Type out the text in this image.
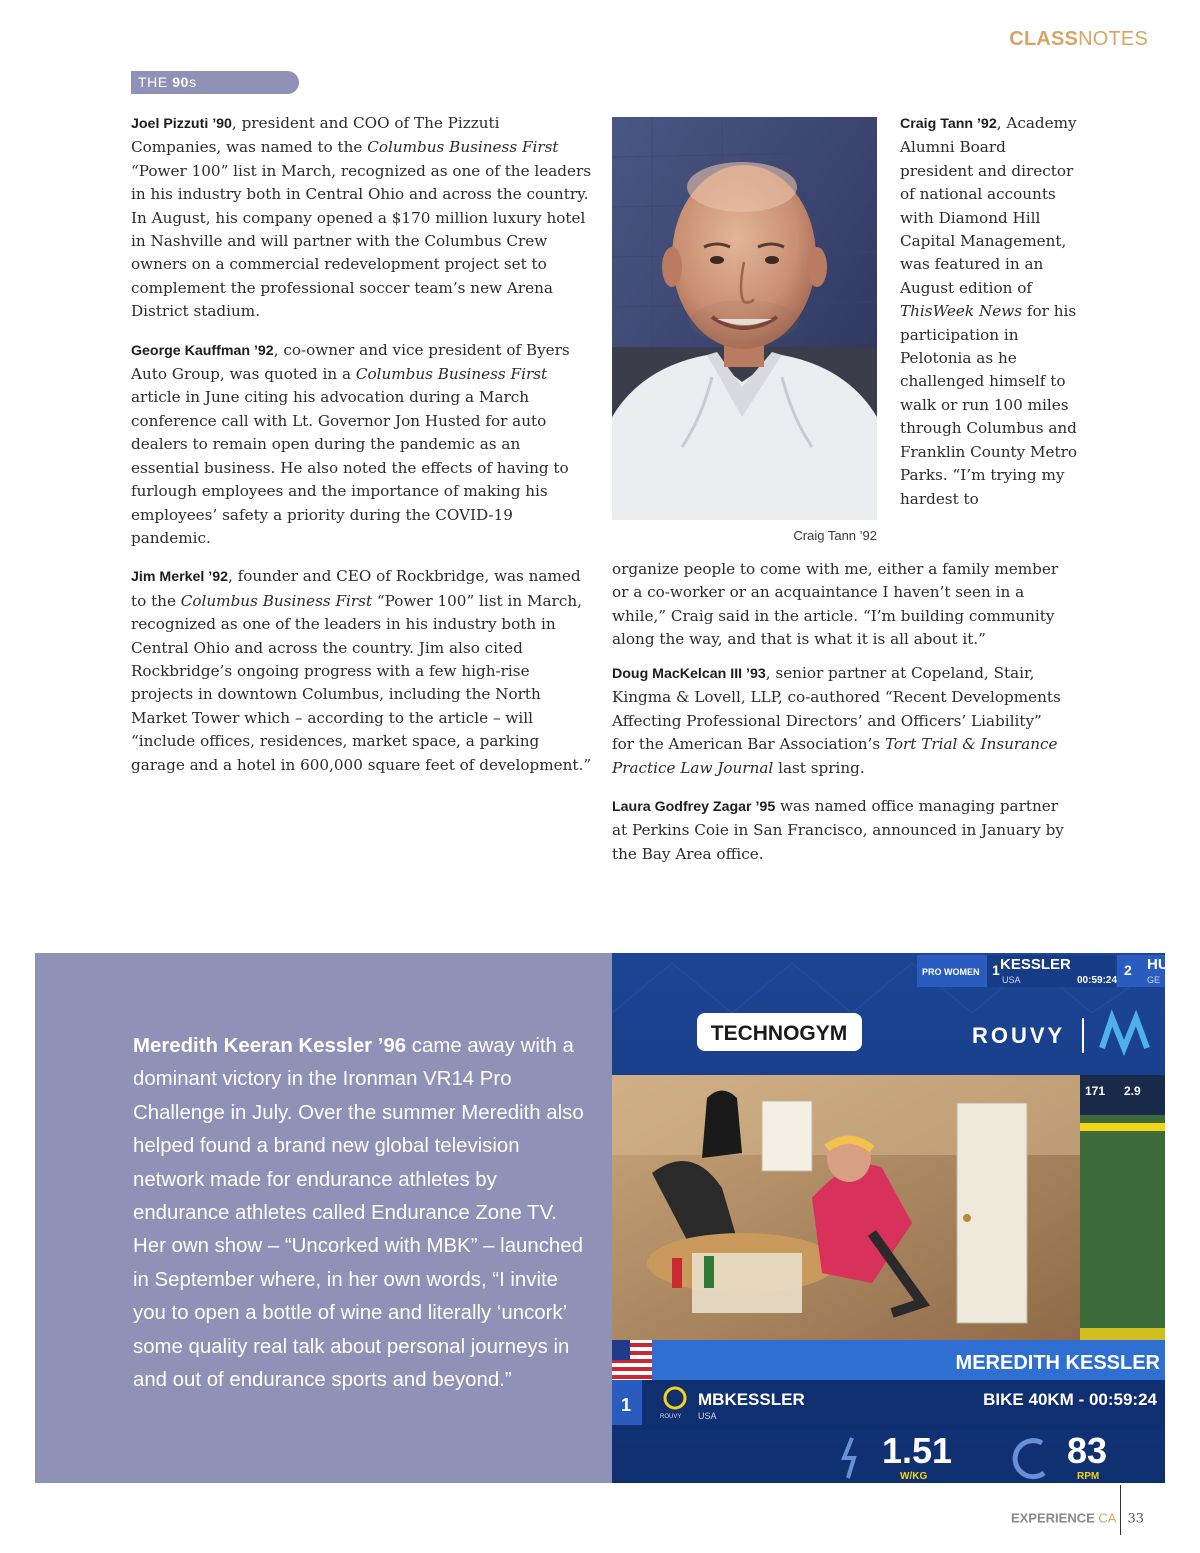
CLASSNOTES
THE 90s

Joel Pizzuti ’90, president and COO of The Pizzuti Companies, was named to the Columbus Business First “Power 100” list in March, recognized as one of the leaders in his industry both in Central Ohio and across the country. In August, his company opened a $170 million luxury hotel in Nashville and will partner with the Columbus Crew owners on a commercial redevelopment project set to complement the professional soccer team’s new Arena District stadium.

George Kauffman ’92, co-owner and vice president of Byers Auto Group, was quoted in a Columbus Business First article in June citing his advocation during a March conference call with Lt. Governor Jon Husted for auto dealers to remain open during the pandemic as an essential business. He also noted the effects of having to furlough employees and the importance of making his employees’ safety a priority during the COVID-19 pandemic.

Jim Merkel ’92, founder and CEO of Rockbridge, was named to the Columbus Business First “Power 100” list in March, recognized as one of the leaders in his industry both in Central Ohio and across the country. Jim also cited Rockbridge’s ongoing progress with a few high-rise projects in downtown Columbus, including the North Market Tower which – according to the article – will “include offices, residences, market space, a parking garage and a hotel in 600,000 square feet of development.”

Craig Tann ’92

Craig Tann ’92, Academy Alumni Board president and director of national accounts with Diamond Hill Capital Management, was featured in an August edition of ThisWeek News for his participation in Pelotonia as he challenged himself to walk or run 100 miles through Columbus and Franklin County Metro Parks. “I’m trying my hardest to

organize people to come with me, either a family member or a co-worker or an acquaintance I haven’t seen in a while,” Craig said in the article. “I’m building community along the way, and that is what it is all about it.”

Doug MacKelcan III ’93, senior partner at Copeland, Stair, Kingma & Lovell, LLP, co-authored “Recent Developments Affecting Professional Directors’ and Officers’ Liability” for the American Bar Association’s Tort Trial & Insurance Practice Law Journal last spring.

Laura Godfrey Zagar ’95 was named office managing partner at Perkins Coie in San Francisco, announced in January by the Bay Area office.

Meredith Keeran Kessler ’96 came away with a dominant victory in the Ironman VR14 Pro Challenge in July. Over the summer Meredith also helped found a brand new global television network made for endurance athletes by endurance athletes called Endurance Zone TV. Her own show – “Uncorked with MBK” – launched in September where, in her own words, “I invite you to open a bottle of wine and literally ‘uncork’ some quality real talk about personal journeys in and out of endurance sports and beyond.”
PRO WOMEN 1 KESSLER
USA	00:59:24
2 HU
GE
TECHNOGYM	ROUVY
171 2.9
MEREDITH KESSLER
1
ROUVY
MBKESSLER
USA
BIKE 40KM - 00:59:24
1.51
W/KG
83
RPM
EXPERIENCE CA 33
